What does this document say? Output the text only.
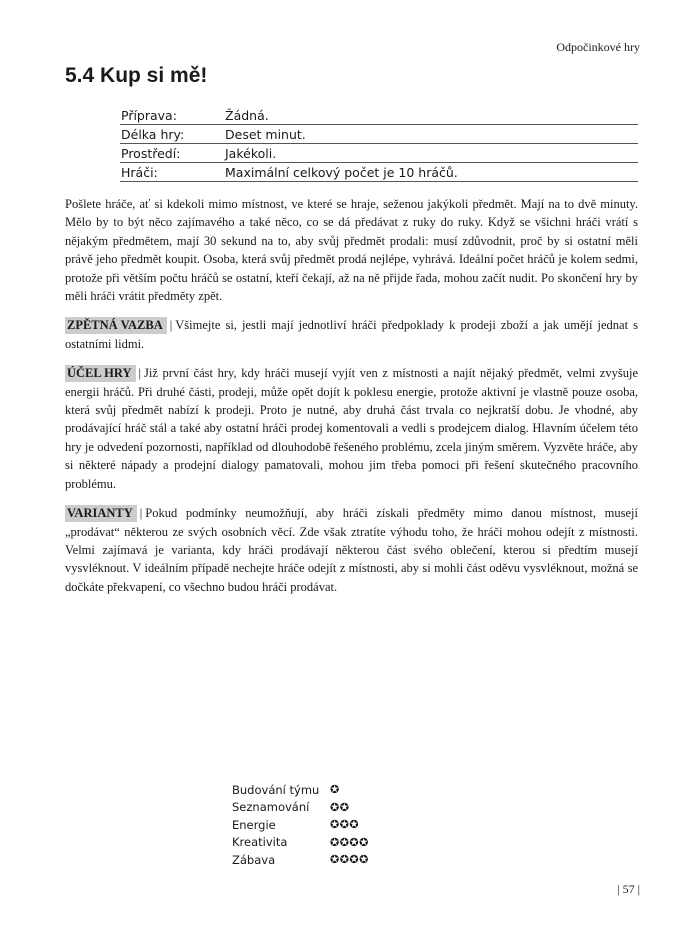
Odpočinkové hry
5.4 Kup si mě!
Příprava:	Žádná.
Délka hry:	Deset minut.
Prostředí:	Jakékoli.
Hráči:	Maximální celkový počet je 10 hráčů.

Pošlete hráče, ať si kdekoli mimo místnost, ve které se hraje, seženou jakýkoli předmět. Mají na to dvě minuty. Mělo by to být něco zajímavého a také něco, co se dá předávat z ruky do ruky. Když se všichni hráči vrátí s nějakým předmětem, mají 30 sekund na to, aby svůj předmět prodali: musí zdůvodnit, proč by si ostatní měli právě jeho předmět koupit. Osoba, která svůj předmět prodá nejlépe, vyhrává. Ideální počet hráčů je kolem sedmi, protože při větším počtu hráčů se ostatní, kteří čekají, až na ně přijde řada, mohou začít nudit. Po skončení hry by měli hráči vrátit předměty zpět.

ZPĚTNÁ VAZBA | Všimejte si, jestli mají jednotliví hráči předpoklady k prodeji zboží a jak umějí jednat s ostatními lidmi.

ÚČEL HRY | Již první část hry, kdy hráči musejí vyjít ven z místnosti a najít nějaký předmět, velmi zvyšuje energii hráčů. Při druhé části, prodeji, může opět dojít k poklesu energie, protože aktivní je vlastně pouze osoba, která svůj předmět nabízí k prodeji. Proto je nutné, aby druhá část trvala co nejkratší dobu. Je vhodné, aby prodávající hráč stál a také aby ostatní hráči prodej komentovali a vedli s prodejcem dialog. Hlavním účelem této hry je odvedení pozornosti, například od dlouhodobě řešeného problému, zcela jiným směrem. Vyzvěte hráče, aby si některé nápady a prodejní dialogy pamatovali, mohou jim třeba pomoci při řešení skutečného pracovního problému.

VARIANTY | Pokud podmínky neumožňují, aby hráči získali předměty mimo danou místnost, musejí „prodávat“ některou ze svých osobních věcí. Zde však ztratíte výhodu toho, že hráči mohou odejít z místnosti. Velmi zajímavá je varianta, kdy hráči prodávají některou část svého oblečení, kterou si předtím musejí vysvléknout. V ideálním případě nechejte hráče odejít z místnosti, aby si mohli část oděvu vysvléknout, možná se dočkáte překvapení, co všechno budou hráči prodávat.

Budování týmu	✪
Seznamování	✪✪
Energie	✪✪✪
Kreativita	✪✪✪✪
Zábava	✪✪✪✪
| 57 |
